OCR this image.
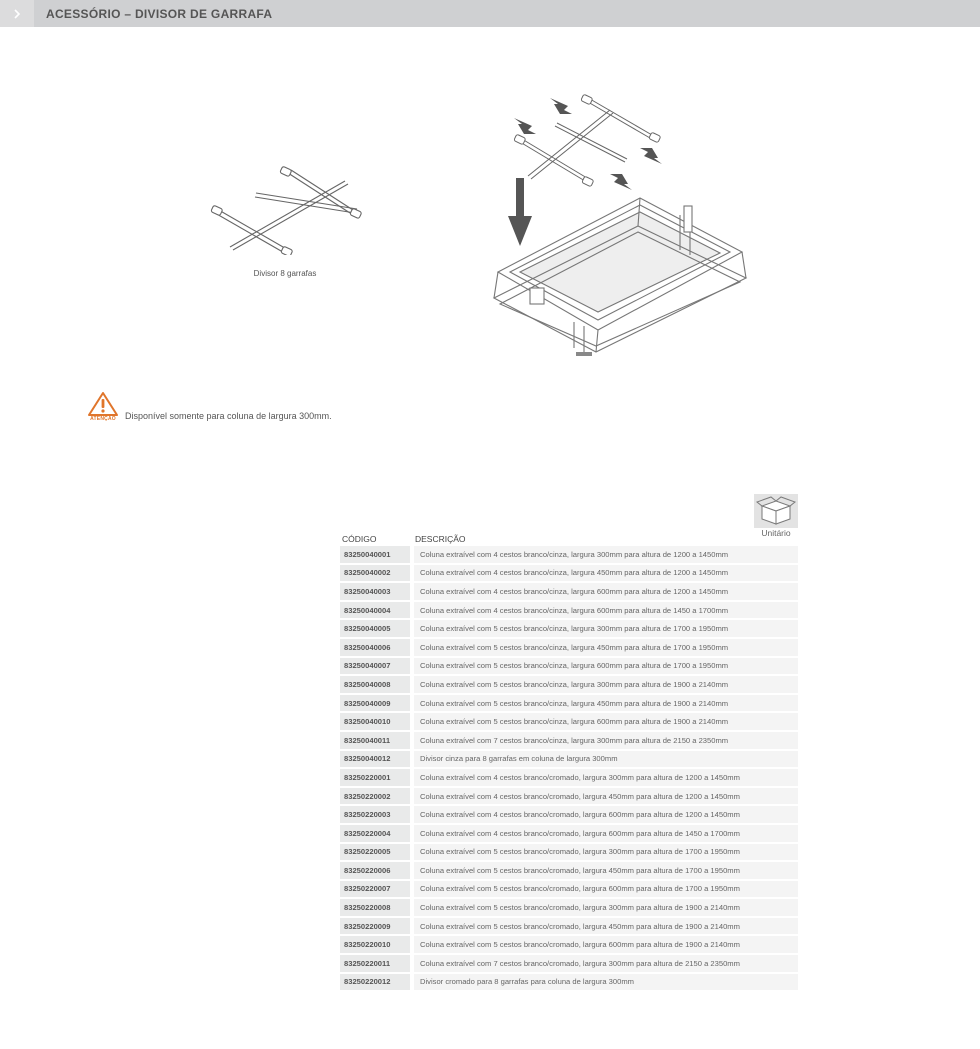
ACESSÓRIO – DIVISOR DE GARRAFA
Divisor 8 garrafas
ATENÇÃO	Disponível somente para coluna de largura 300mm.
Unitário
CÓDIGO	DESCRIÇÃO
83250040001	Coluna extraível com 4 cestos branco/cinza, largura 300mm para altura de 1200 a 1450mm
83250040002	Coluna extraível com 4 cestos branco/cinza, largura 450mm para altura de 1200 a 1450mm
83250040003	Coluna extraível com 4 cestos branco/cinza, largura 600mm para altura de 1200 a 1450mm
83250040004	Coluna extraível com 4 cestos branco/cinza, largura 600mm para altura de 1450 a 1700mm
83250040005	Coluna extraível com 5 cestos branco/cinza, largura 300mm para altura de 1700 a 1950mm
83250040006	Coluna extraível com 5 cestos branco/cinza, largura 450mm para altura de 1700 a 1950mm
83250040007	Coluna extraível com 5 cestos branco/cinza, largura 600mm para altura de 1700 a 1950mm
83250040008	Coluna extraível com 5 cestos branco/cinza, largura 300mm para altura de 1900 a 2140mm
83250040009	Coluna extraível com 5 cestos branco/cinza, largura 450mm para altura de 1900 a 2140mm
83250040010	Coluna extraível com 5 cestos branco/cinza, largura 600mm para altura de 1900 a 2140mm
83250040011	Coluna extraível com 7 cestos branco/cinza, largura 300mm para altura de 2150 a 2350mm
83250040012	Divisor cinza para 8 garrafas em coluna de largura 300mm
83250220001	Coluna extraível com 4 cestos branco/cromado, largura 300mm para altura de 1200 a 1450mm
83250220002	Coluna extraível com 4 cestos branco/cromado, largura 450mm para altura de 1200 a 1450mm
83250220003	Coluna extraível com 4 cestos branco/cromado, largura 600mm para altura de 1200 a 1450mm
83250220004	Coluna extraível com 4 cestos branco/cromado, largura 600mm para altura de 1450 a 1700mm
83250220005	Coluna extraível com 5 cestos branco/cromado, largura 300mm para altura de 1700 a 1950mm
83250220006	Coluna extraível com 5 cestos branco/cromado, largura 450mm para altura de 1700 a 1950mm
83250220007	Coluna extraível com 5 cestos branco/cromado, largura 600mm para altura de 1700 a 1950mm
83250220008	Coluna extraível com 5 cestos branco/cromado, largura 300mm para altura de 1900 a 2140mm
83250220009	Coluna extraível com 5 cestos branco/cromado, largura 450mm para altura de 1900 a 2140mm
83250220010	Coluna extraível com 5 cestos branco/cromado, largura 600mm para altura de 1900 a 2140mm
83250220011	Coluna extraível com 7 cestos branco/cromado, largura 300mm para altura de 2150 a 2350mm
83250220012	Divisor cromado para 8 garrafas para coluna de largura 300mm
